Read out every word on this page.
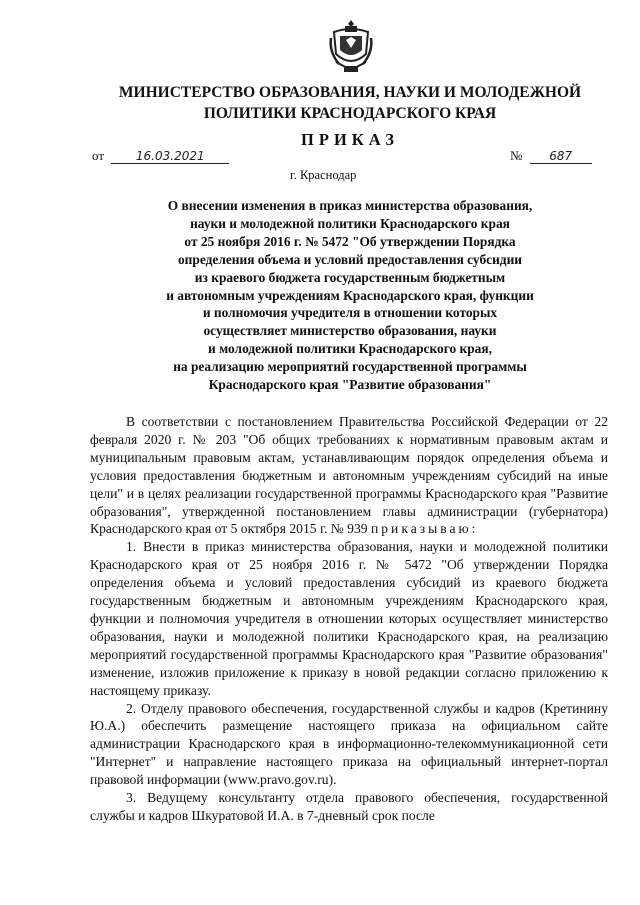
МИНИСТЕРСТВО ОБРАЗОВАНИЯ, НАУКИ И МОЛОДЕЖНОЙ
ПОЛИТИКИ КРАСНОДАРСКОГО КРАЯ
ПРИКАЗ
от	16.03.2021	№ 687
г. Краснодар
О внесении изменения в приказ министерства образования,
науки и молодежной политики Краснодарского края
от 25 ноября 2016 г. № 5472 "Об утверждении Порядка
определения объема и условий предоставления субсидии
из краевого бюджета государственным бюджетным
и автономным учреждениям Краснодарского края, функции
и полномочия учредителя в отношении которых
осуществляет министерство образования, науки
и молодежной политики Краснодарского края,
на реализацию мероприятий государственной программы
Краснодарского края "Развитие образования"

В соответствии с постановлением Правительства Российской Федерации от 22 февраля 2020 г. № 203 "Об общих требованиях к нормативным правовым актам и муниципальным правовым актам, устанавливающим порядок определения объема и условия предоставления бюджетным и автономным учреждениям субсидий на иные цели" и в целях реализации государственной программы Краснодарского края "Развитие образования", утвержденной постановлением главы администрации (губернатора) Краснодарского края от 5 октября 2015 г. № 939 приказываю:

1. Внести в приказ министерства образования, науки и молодежной политики Краснодарского края от 25 ноября 2016 г. № 5472 "Об утверждении Порядка определения объема и условий предоставления субсидий из краевого бюджета государственным бюджетным и автономным учреждениям Краснодарского края, функции и полномочия учредителя в отношении которых осуществляет министерство образования, науки и молодежной политики Краснодарского края, на реализацию мероприятий государственной программы Краснодарского края "Развитие образования" изменение, изложив приложение к приказу в новой редакции согласно приложению к настоящему приказу.

2. Отделу правового обеспечения, государственной службы и кадров (Кретинину Ю.А.) обеспечить размещение настоящего приказа на официальном сайте администрации Краснодарского края в информационно-телекоммуникационной сети "Интернет" и направление настоящего приказа на официальный интернет-портал правовой информации (www.pravo.gov.ru).

3. Ведущему консультанту отдела правового обеспечения, государственной службы и кадров Шкуратовой И.А. в 7-дневный срок после
